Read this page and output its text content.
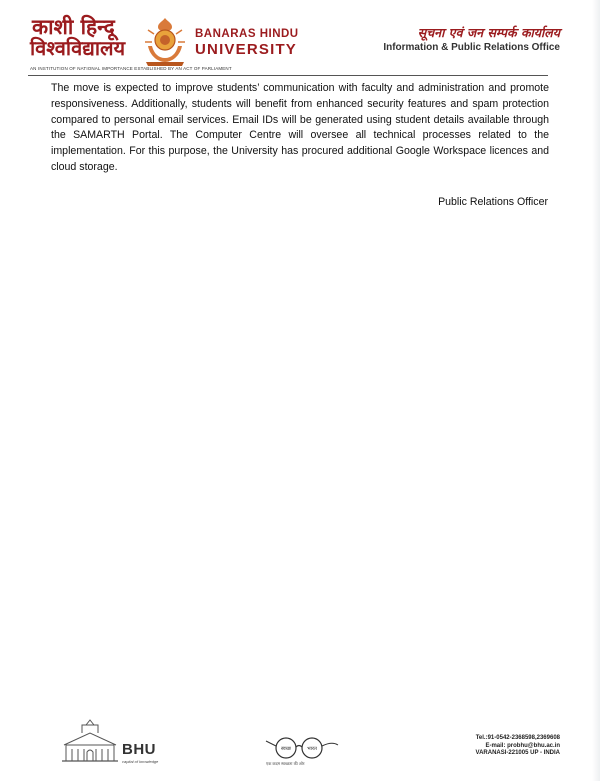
काशी हिन्दू
विश्वविद्यालय
BANARAS HINDU
UNIVERSITY
सूचना एवं जन सम्पर्क कार्यालय
Information & Public Relations Office
AN INSTITUTION OF NATIONAL IMPORTANCE ESTABLISHED BY AN ACT OF PARLIAMENT

The move is expected to improve students’ communication with faculty and administration and promote responsiveness. Additionally, students will benefit from enhanced security features and spam protection compared to personal email services. Email IDs will be generated using student details available through the SAMARTH Portal. The Computer Centre will oversee all technical processes related to the implementation. For this purpose, the University has procured additional Google Workspace licences and cloud storage.

Public Relations Officer
BHU
capital of knowledge
स्वच्छ	भारत
एक कदम स्वच्छता की ओर
Tel.:91-0542-2368598,2369608
E-mail: probhu@bhu.ac.in
VARANASI-221005 UP - INDIA
